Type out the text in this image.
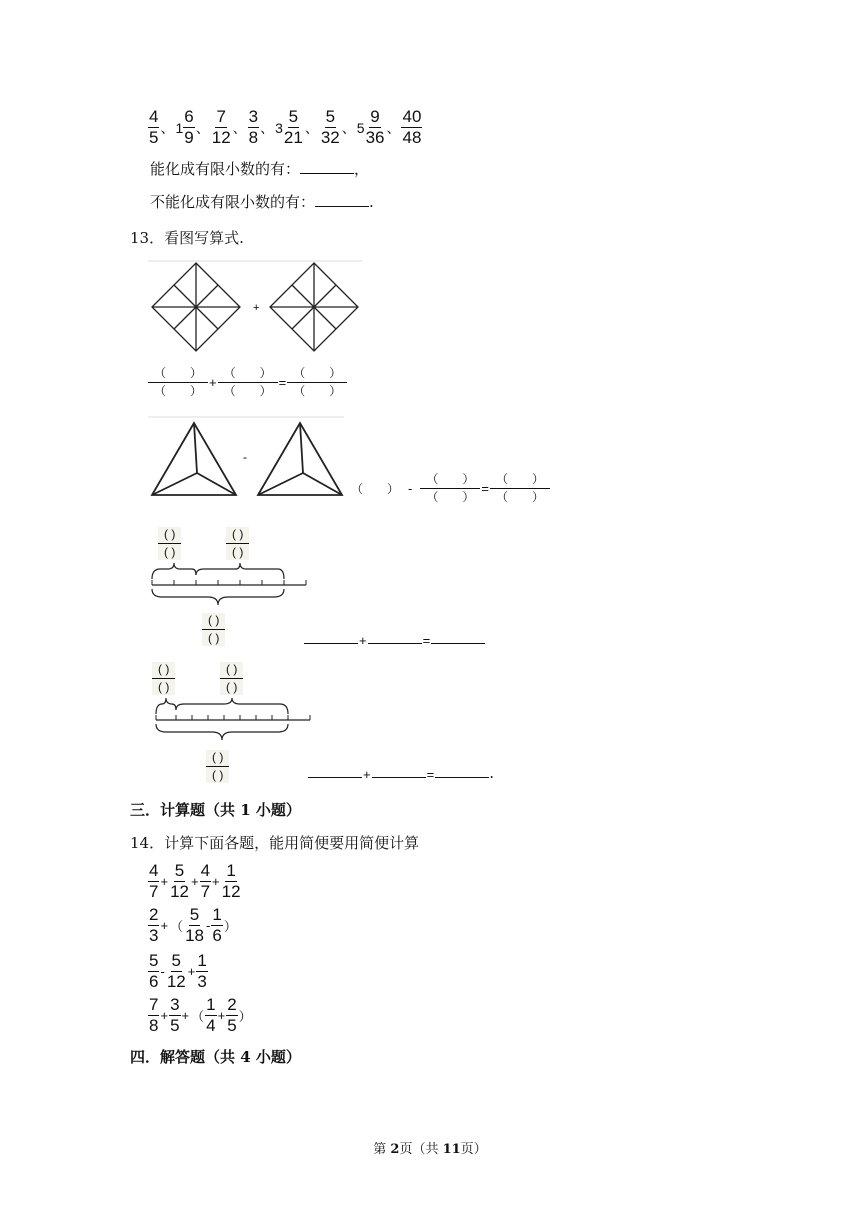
$\frac{4}{5}$ 、 $1 \frac{6}{9}$ 、 $\frac{7}{12}$ 、 $\frac{3}{8}$ 、 $3 \frac{5}{21}$ 、 $\frac{5}{32}$ 、 $5 \frac{9}{36}$ 、 $\frac{40}{48}$
能化成有限小数的有：	，
不能化成有限小数的有：	.
13．看图写算式.
+
（　　）
（　　）
+
（　　）
（　　）
=
（　　）
（　　）
-
（　　） -
（　　）
（　　）
=
（　　）
（　　）
( )
( )
( )
( )
( )
( )	+	=
( )
( )
( )
( )
( )
( )	+	=	.
三．计算题（共 1 小题）
14．计算下面各题，能用简便要用简便计算
$\frac{4}{7} + \frac{5}{12} + \frac{4}{7} + \frac{1}{12}$
$\frac{2}{3}$ + （ $\frac{5}{18} - \frac{1}{6}$ ）
$\frac{5}{6} - \frac{5}{12} + \frac{1}{3}$
$\frac{7}{8} + \frac{3}{5}$ + （ $\frac{1}{4} + \frac{2}{5}$ ）
四．解答题（共 4 小题）
第 2页（共 11页）
